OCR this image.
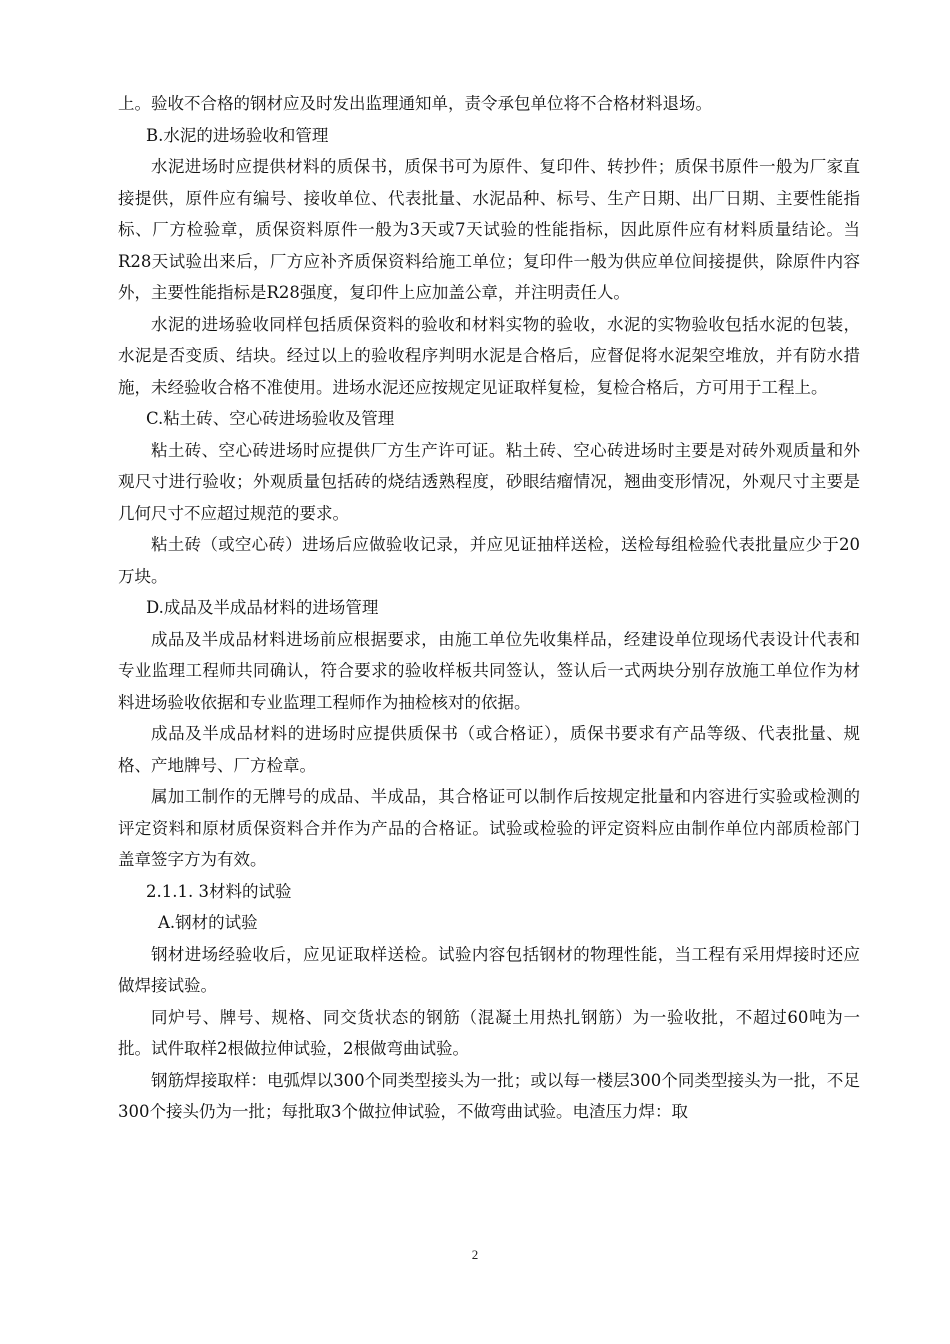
上。验收不合格的钢材应及时发出监理通知单，责令承包单位将不合格材料退场。

B.水泥的进场验收和管理

水泥进场时应提供材料的质保书，质保书可为原件、复印件、转抄件；质保书原件一般为厂家直接提供，原件应有编号、接收单位、代表批量、水泥品种、标号、生产日期、出厂日期、主要性能指标、厂方检验章，质保资料原件一般为3天或7天试验的性能指标，因此原件应有材料质量结论。当R28天试验出来后，厂方应补齐质保资料给施工单位；复印件一般为供应单位间接提供，除原件内容外，主要性能指标是R28强度，复印件上应加盖公章，并注明责任人。

水泥的进场验收同样包括质保资料的验收和材料实物的验收，水泥的实物验收包括水泥的包装，水泥是否变质、结块。经过以上的验收程序判明水泥是合格后，应督促将水泥架空堆放，并有防水措施，未经验收合格不准使用。进场水泥还应按规定见证取样复检，复检合格后，方可用于工程上。

C.粘土砖、空心砖进场验收及管理

粘土砖、空心砖进场时应提供厂方生产许可证。粘土砖、空心砖进场时主要是对砖外观质量和外观尺寸进行验收；外观质量包括砖的烧结透熟程度，砂眼结瘤情况，翘曲变形情况，外观尺寸主要是几何尺寸不应超过规范的要求。

粘土砖（或空心砖）进场后应做验收记录，并应见证抽样送检，送检每组检验代表批量应少于20万块。

D.成品及半成品材料的进场管理

成品及半成品材料进场前应根据要求，由施工单位先收集样品，经建设单位现场代表设计代表和专业监理工程师共同确认，符合要求的验收样板共同签认，签认后一式两块分别存放施工单位作为材料进场验收依据和专业监理工程师作为抽检核对的依据。

成品及半成品材料的进场时应提供质保书（或合格证），质保书要求有产品等级、代表批量、规格、产地牌号、厂方检章。

属加工制作的无牌号的成品、半成品，其合格证可以制作后按规定批量和内容进行实验或检测的评定资料和原材质保资料合并作为产品的合格证。试验或检验的评定资料应由制作单位内部质检部门盖章签字方为有效。

2.1.1. 3材料的试验

A.钢材的试验

钢材进场经验收后，应见证取样送检。试验内容包括钢材的物理性能，当工程有采用焊接时还应做焊接试验。

同炉号、牌号、规格、同交货状态的钢筋（混凝土用热扎钢筋）为一验收批，不超过60吨为一批。试件取样2根做拉伸试验，2根做弯曲试验。

钢筋焊接取样：电弧焊以300个同类型接头为一批；或以每一楼层300个同类型接头为一批，不足300个接头仍为一批；每批取3个做拉伸试验，不做弯曲试验。电渣压力焊：取

2
